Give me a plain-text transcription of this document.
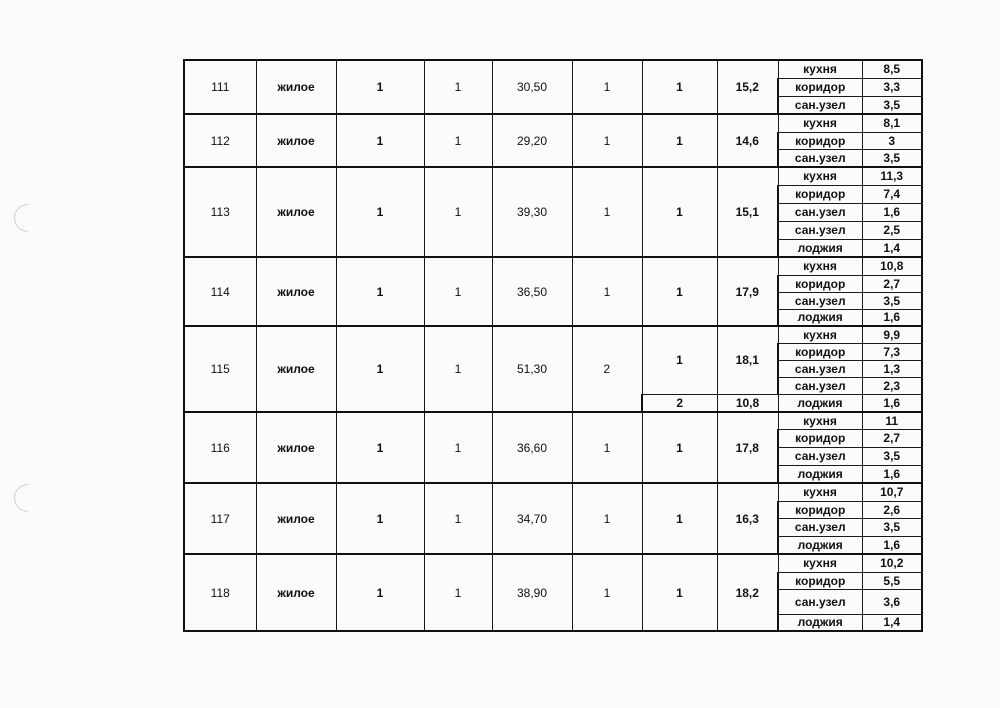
111	жилое	1	1	30,50	1	1	15,2	кухня	8,5
								коридор	3,3
								сан.узел	3,5
112	жилое	1	1	29,20	1	1	14,6	кухня	8,1
								коридор	3
								сан.узел	3,5
113	жилое	1	1	39,30	1	1	15,1	кухня	11,3
								коридор	7,4
								сан.узел	1,6
								сан.узел	2,5
								лоджия	1,4
114	жилое	1	1	36,50	1	1	17,9	кухня	10,8
								коридор	2,7
								сан.узел	3,5
								лоджия	1,6
115	жилое	1	1	51,30	2	1	18,1	кухня	9,9
								коридор	7,3
								сан.узел	1,3
								сан.узел	2,3
						2	10,8	лоджия	1,6
116	жилое	1	1	36,60	1	1	17,8	кухня	11
								коридор	2,7
								сан.узел	3,5
								лоджия	1,6
117	жилое	1	1	34,70	1	1	16,3	кухня	10,7
								коридор	2,6
								сан.узел	3,5
								лоджия	1,6
118	жилое	1	1	38,90	1	1	18,2	кухня	10,2
								коридор	5,5
								сан.узел	3,6
								лоджия	1,4
